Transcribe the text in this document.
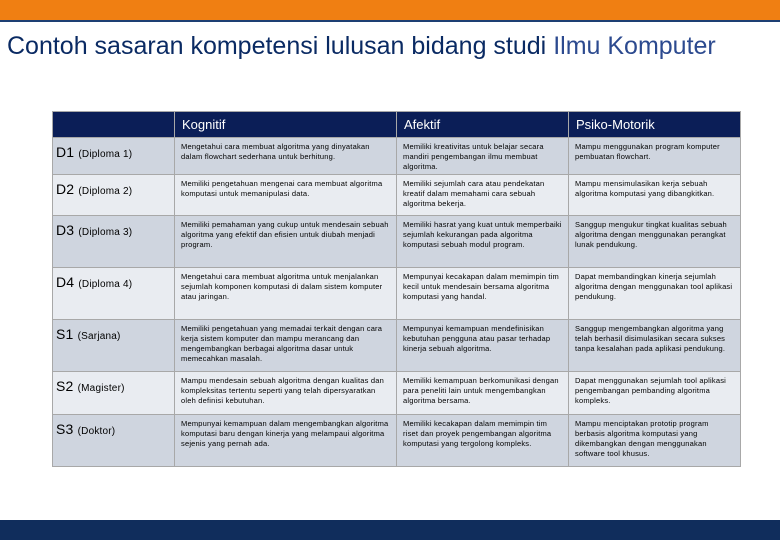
Contoh sasaran kompetensi lulusan bidang studi Ilmu Komputer
	Kognitif	Afektif	Psiko-Motorik
D1 (Diploma 1)	Mengetahui cara membuat algoritma yang dinyatakan dalam flowchart sederhana untuk berhitung.	Memiliki kreativitas untuk belajar secara mandiri pengembangan ilmu membuat algoritma.	Mampu menggunakan program komputer pembuatan flowchart.
D2 (Diploma 2)	Memiliki pengetahuan mengenai cara membuat algoritma komputasi untuk memanipulasi data.	Memiliki sejumlah cara atau pendekatan kreatif dalam memahami cara sebuah algoritma bekerja.	Mampu mensimulasikan kerja sebuah algoritma komputasi yang dibangkitkan.
D3 (Diploma 3)	Memiliki pemahaman yang cukup untuk mendesain sebuah algoritma yang efektif dan efisien untuk diubah menjadi program.	Memiliki hasrat yang kuat untuk memperbaiki sejumlah kekurangan pada algoritma komputasi sebuah modul program.	Sanggup mengukur tingkat kualitas sebuah algoritma dengan menggunakan perangkat lunak pendukung.
D4 (Diploma 4)	Mengetahui cara membuat algoritma untuk menjalankan sejumlah komponen komputasi di dalam sistem komputer atau jaringan.	Mempunyai kecakapan dalam memimpin tim kecil untuk mendesain bersama algoritma komputasi yang handal.	Dapat membandingkan kinerja sejumlah algoritma dengan menggunakan tool aplikasi pendukung.
S1 (Sarjana)	Memiliki pengetahuan yang memadai terkait dengan cara kerja sistem komputer dan mampu merancang dan mengembangkan berbagai algoritma dasar untuk memecahkan masalah.	Mempunyai kemampuan mendefinisikan kebutuhan pengguna atau pasar terhadap kinerja sebuah algoritma.	Sanggup mengembangkan algoritma yang telah berhasil disimulasikan secara sukses tanpa kesalahan pada aplikasi pendukung.
S2 (Magister)	Mampu mendesain sebuah algoritma dengan kualitas dan kompleksitas tertentu seperti yang telah dipersyaratkan oleh definisi kebutuhan.	Memiliki kemampuan berkomunikasi dengan para peneliti lain untuk mengembangkan algoritma bersama.	Dapat menggunakan sejumlah tool aplikasi pengembangan pembanding algoritma kompleks.
S3 (Doktor)	Mempunyai kemampuan dalam mengembangkan algoritma komputasi baru dengan kinerja yang melampaui algoritma sejenis yang pernah ada.	Memiliki kecakapan dalam memimpin tim riset dan proyek pengembangan algoritma komputasi yang tergolong kompleks.	Mampu menciptakan prototip program berbasis algoritma komputasi yang dikembangkan dengan menggunakan software tool khusus.
